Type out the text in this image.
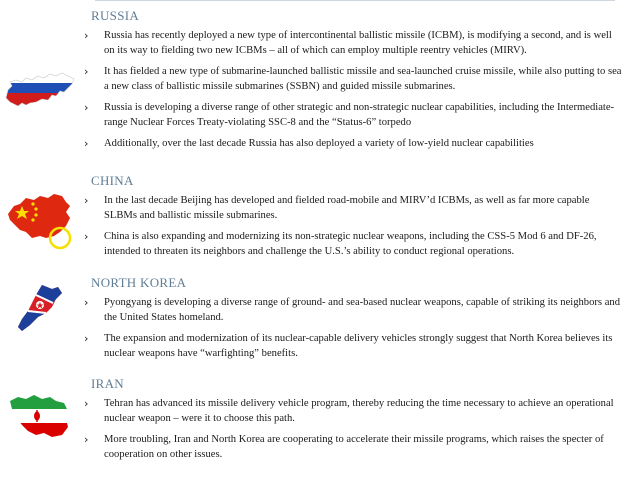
RUSSIA
› Russia has recently deployed a new type of intercontinental ballistic missile (ICBM), is modifying a second, and is well on its way to fielding two new ICBMs – all of which can employ multiple reentry vehicles (MIRV).
› It has fielded a new type of submarine-launched ballistic missile and sea-launched cruise missile, while also putting to sea a new class of ballistic missile submarines (SSBN) and guided missile submarines.
› Russia is developing a diverse range of other strategic and non-strategic nuclear capabilities, including the Intermediate-range Nuclear Forces Treaty-violating SSC-8 and the “Status-6” torpedo
› Additionally, over the last decade Russia has also deployed a variety of low-yield nuclear capabilities
CHINA
› In the last decade Beijing has developed and fielded road-mobile and MIRV’d ICBMs, as well as far more capable SLBMs and ballistic missile submarines.
› China is also expanding and modernizing its non-strategic nuclear weapons, including the CSS-5 Mod 6 and DF-26, intended to threaten its neighbors and challenge the U.S.’s ability to conduct regional operations.
NORTH KOREA
› Pyongyang is developing a diverse range of ground- and sea-based nuclear weapons, capable of striking its neighbors and the United States homeland.
› The expansion and modernization of its nuclear-capable delivery vehicles strongly suggest that North Korea believes its nuclear weapons have “warfighting” benefits.
IRAN
› Tehran has advanced its missile delivery vehicle program, thereby reducing the time necessary to achieve an operational nuclear weapon – were it to choose this path.
› More troubling, Iran and North Korea are cooperating to accelerate their missile programs, which raises the specter of cooperation on other issues.
